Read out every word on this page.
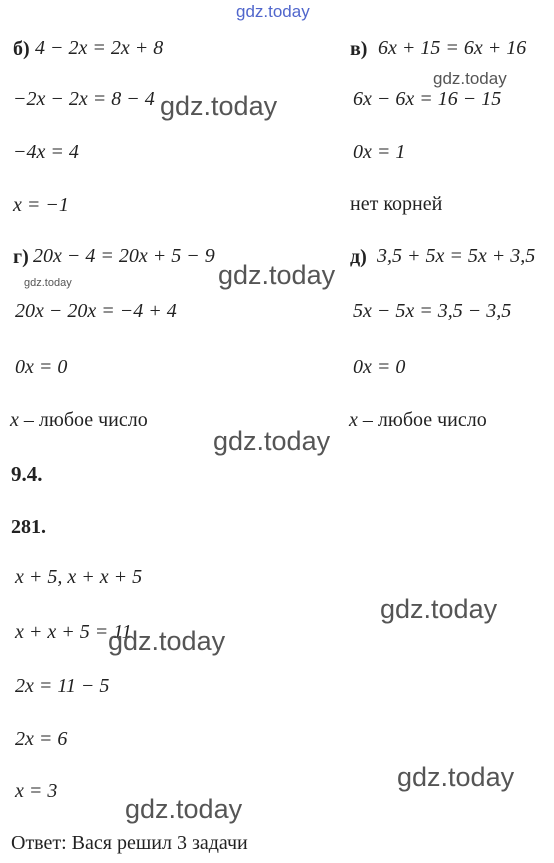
gdz.today
б) 4 − 2x = 2x + 8
−2x − 2x = 8 − 4
−4x = 4
x = −1
в) 6x + 15 = 6x + 16
6x − 6x = 16 − 15
0x = 1
нет корней
г) 20x − 4 = 20x + 5 − 9
20x − 20x = −4 + 4
0x = 0
x – любое число
д) 3,5 + 5x = 5x + 3,5
5x − 5x = 3,5 − 3,5
0x = 0
x – любое число
9.4.
281.
x + 5, x + x + 5
x + x + 5 = 11
2x = 11 − 5
2x = 6
x = 3
Ответ: Вася решил 3 задачи
gdz.today
gdz.today
gdz.today
gdz.today
gdz.today
gdz.today
gdz.today
gdz.today
gdz.today
